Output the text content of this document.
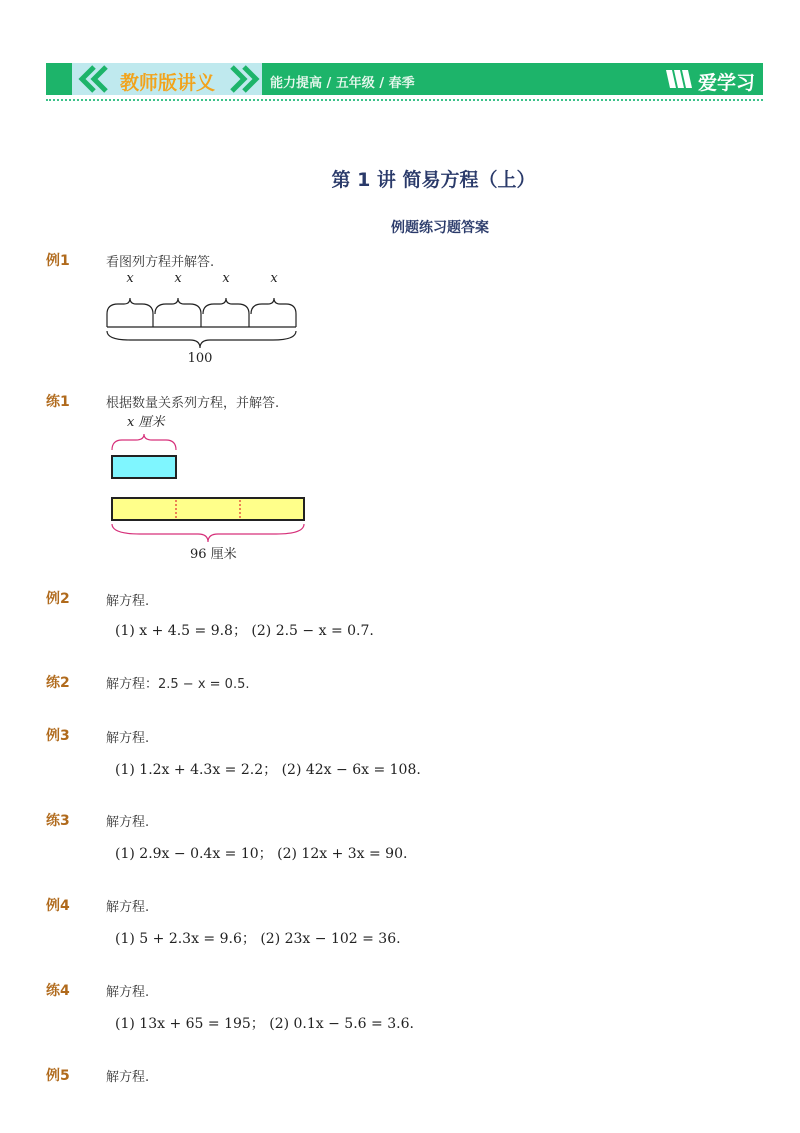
教师版讲义	能力提高 / 五年级 / 春季	爱学习
第 1 讲 简易方程（上）
例题练习题答案
例1	看图列方程并解答.
x	x	x	x
100
练1	根据数量关系列方程，并解答.
x 厘米
96 厘米
例2	解方程.
(1) x + 4.5 = 9.8； (2) 2.5 − x = 0.7.
练2	解方程：2.5 − x = 0.5.
例3	解方程.
(1) 1.2x + 4.3x = 2.2； (2) 42x − 6x = 108.
练3	解方程.
(1) 2.9x − 0.4x = 10； (2) 12x + 3x = 90.
例4	解方程.
(1) 5 + 2.3x = 9.6； (2) 23x − 102 = 36.
练4	解方程.
(1) 13x + 65 = 195； (2) 0.1x − 5.6 = 3.6.
例5	解方程.
